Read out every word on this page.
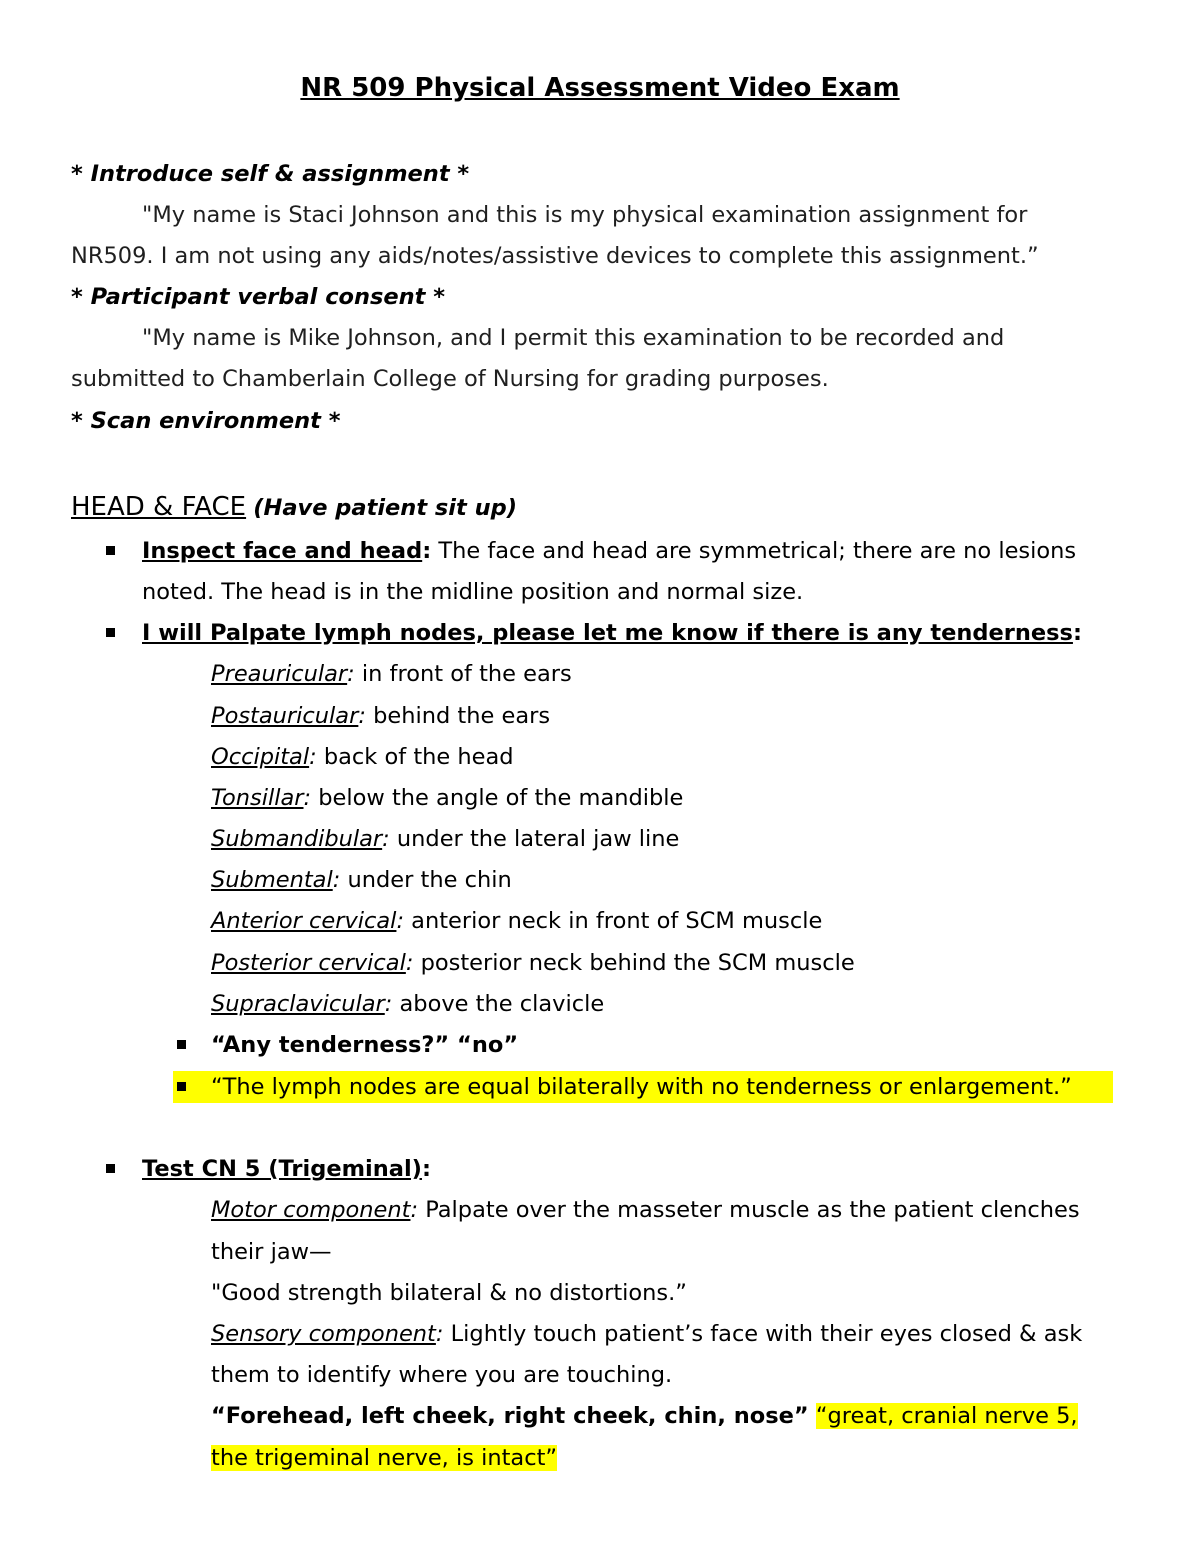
NR 509 Physical Assessment Video Exam
* Introduce self & assignment *
"My name is Staci Johnson and this is my physical examination assignment for
NR509. I am not using any aids/notes/assistive devices to complete this assignment.”
* Participant verbal consent *
"My name is Mike Johnson, and I permit this examination to be recorded and
submitted to Chamberlain College of Nursing for grading purposes.
* Scan environment *
HEAD & FACE (Have patient sit up)
Inspect face and head: The face and head are symmetrical; there are no lesions
noted. The head is in the midline position and normal size.
I will Palpate lymph nodes, please let me know if there is any tenderness:
Preauricular: in front of the ears
Postauricular: behind the ears
Occipital: back of the head
Tonsillar: below the angle of the mandible
Submandibular: under the lateral jaw line
Submental: under the chin
Anterior cervical: anterior neck in front of SCM muscle
Posterior cervical: posterior neck behind the SCM muscle
Supraclavicular: above the clavicle
“Any tenderness?” “no”
“The lymph nodes are equal bilaterally with no tenderness or enlargement.”
Test CN 5 (Trigeminal):
Motor component: Palpate over the masseter muscle as the patient clenches
their jaw—
"Good strength bilateral & no distortions.”
Sensory component: Lightly touch patient’s face with their eyes closed & ask
them to identify where you are touching.
“Forehead, left cheek, right cheek, chin, nose” “great, cranial nerve 5,
the trigeminal nerve, is intact”
